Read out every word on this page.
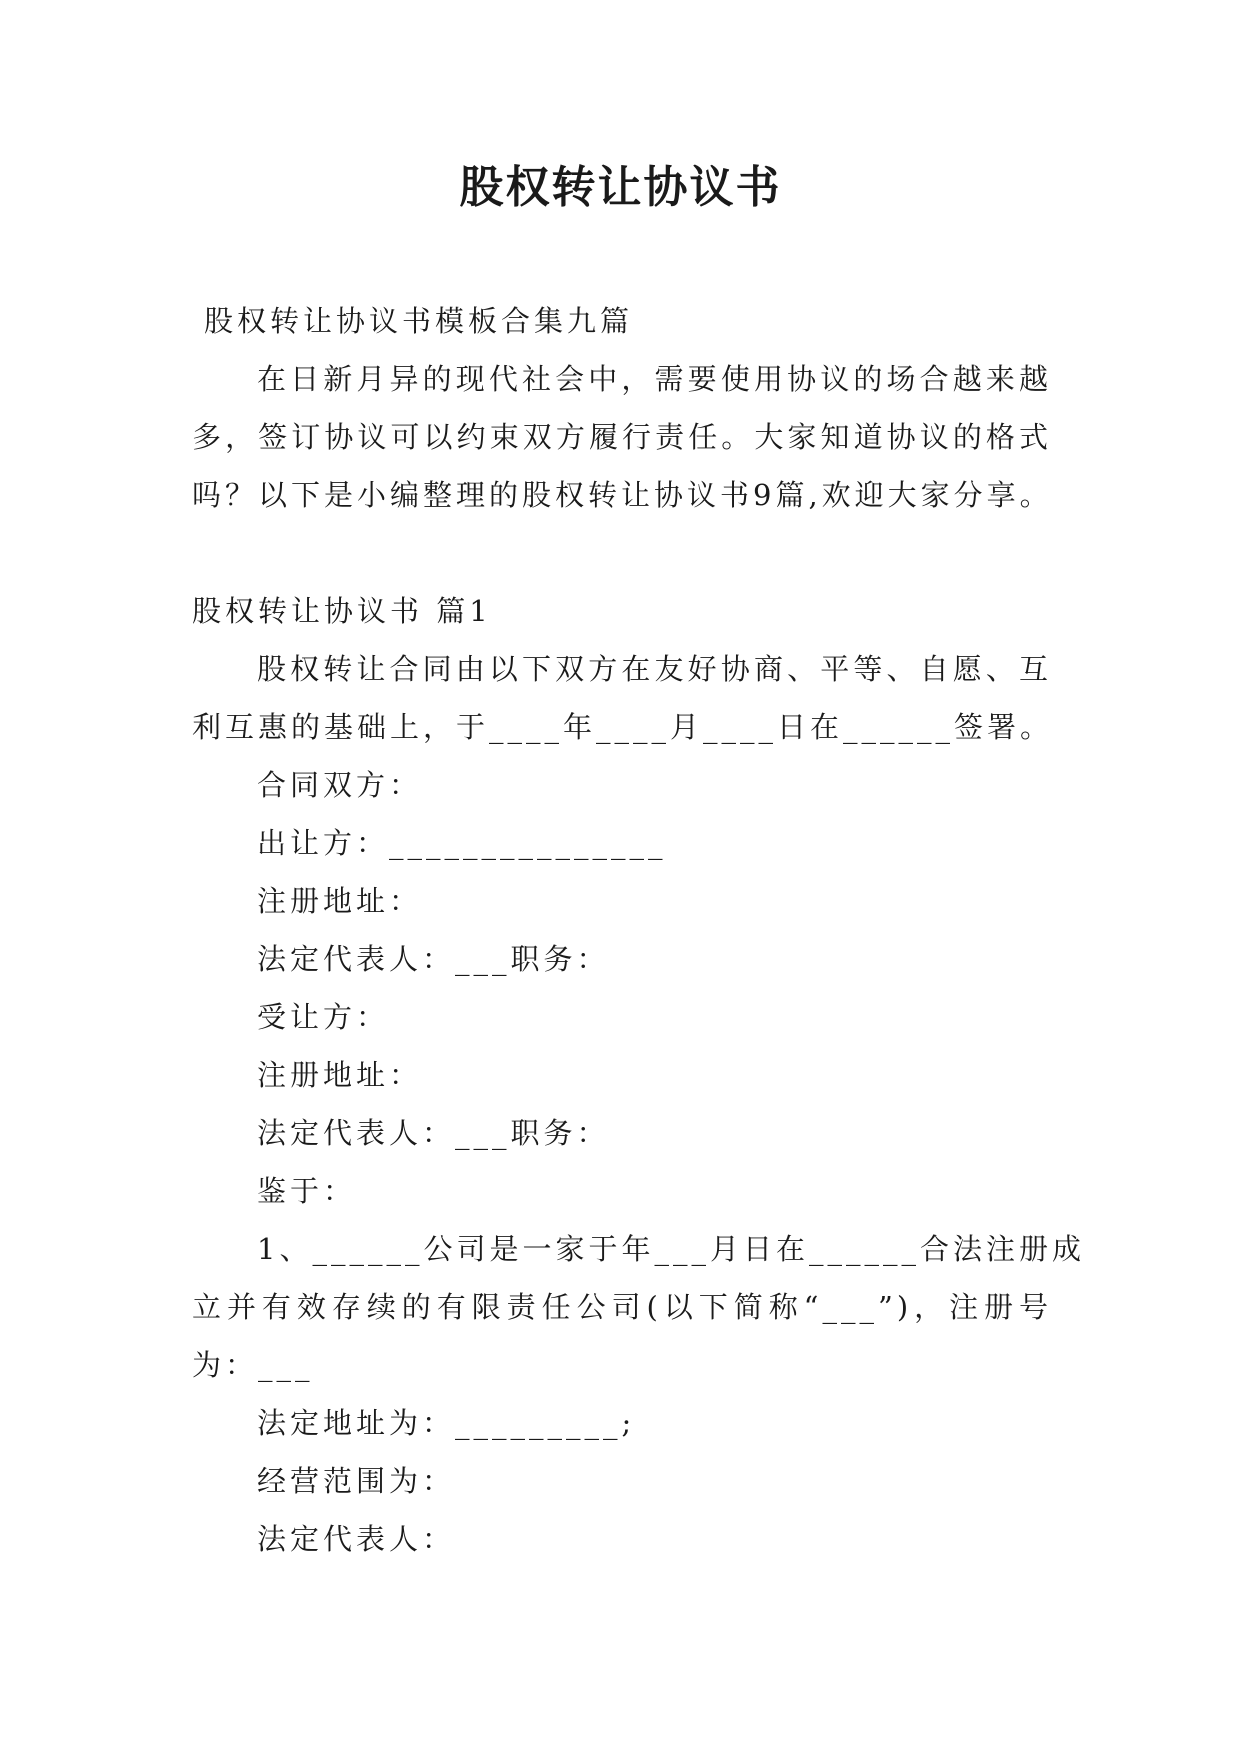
股权转让协议书

股权转让协议书模板合集九篇

在日新月异的现代社会中，需要使用协议的场合越来越

多，签订协议可以约束双方履行责任。大家知道协议的格式

吗？以下是小编整理的股权转让协议书9篇,欢迎大家分享。

股权转让协议书 篇1

股权转让合同由以下双方在友好协商、平等、自愿、互

利互惠的基础上，于____年____月____日在______签署。

合同双方：

出让方：_______________

注册地址：

法定代表人：___职务：

受让方：

注册地址：

法定代表人：___职务：

鉴于：

1、______公司是一家于年___月日在______合法注册成

立并有效存续的有限责任公司(以下简称“___”)，注册号

为：___

法定地址为：_________;

经营范围为：

法定代表人：
